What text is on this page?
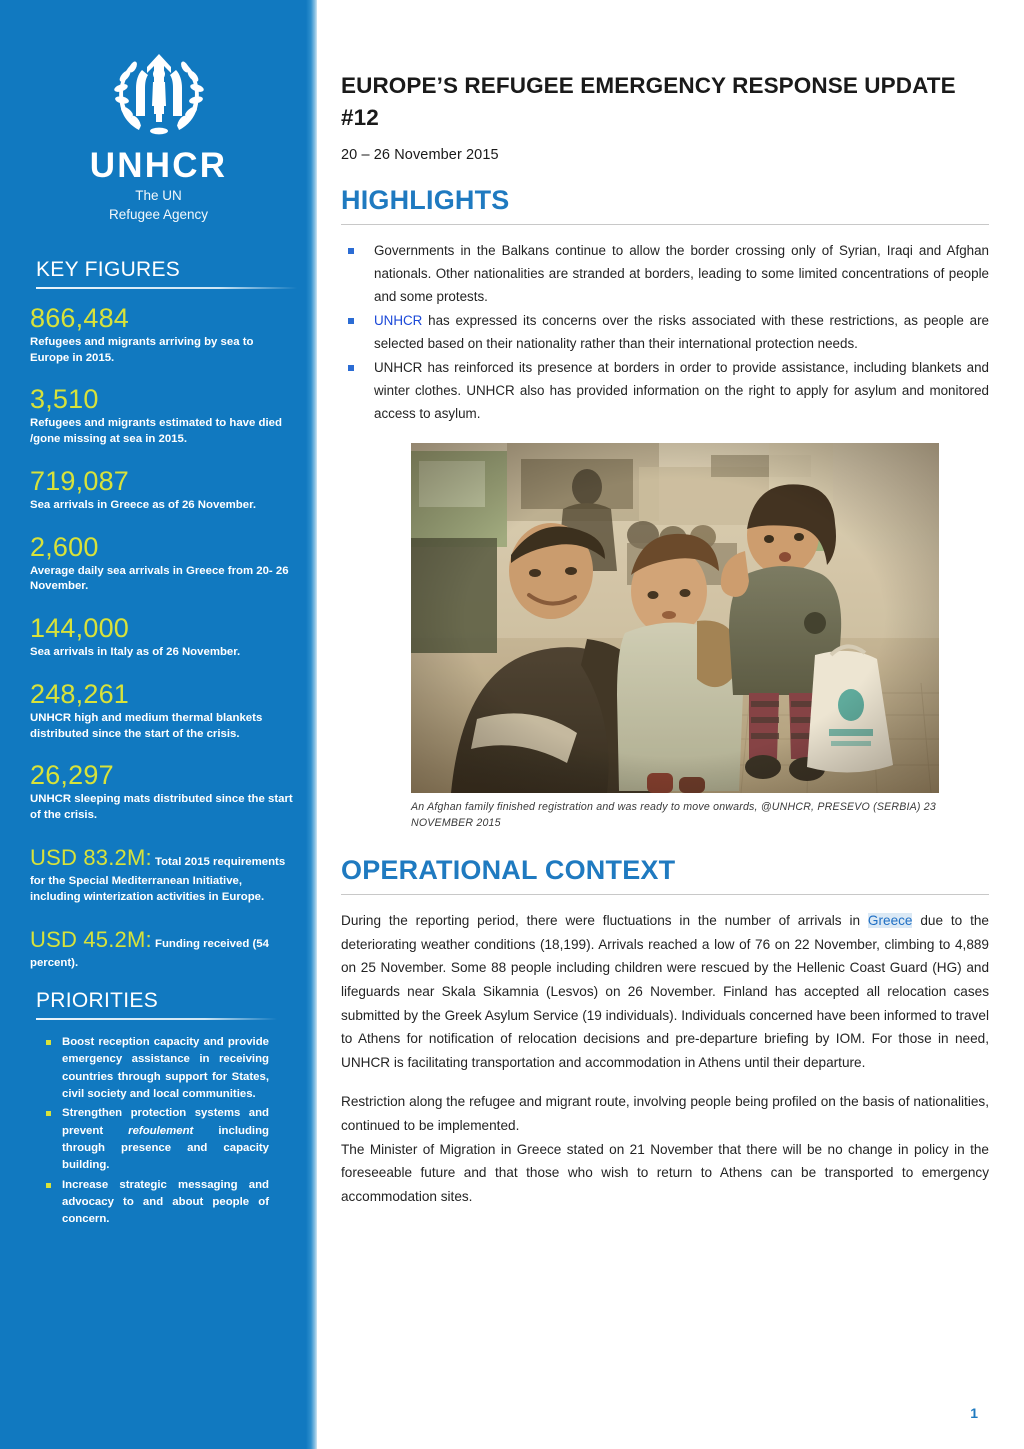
UNHCR
The UN
Refugee Agency
KEY FIGURES
866,484
Refugees and migrants arriving by sea to Europe in 2015.
3,510
Refugees and migrants estimated to have died /gone missing at sea in 2015.
719,087
Sea arrivals in Greece as of 26 November.
2,600
Average daily sea arrivals in Greece from 20- 26 November.
144,000
Sea arrivals in Italy as of 26 November.
248,261
UNHCR high and medium thermal blankets distributed since the start of the crisis.
26,297
UNHCR sleeping mats distributed since the start of the crisis.
USD 83.2M: Total 2015 requirements for the Special Mediterranean Initiative, including winterization activities in Europe.
USD 45.2M: Funding received (54 percent).
PRIORITIES
Boost reception capacity and provide emergency assistance in receiving countries through support for States, civil society and local communities.
Strengthen protection systems and prevent refoulement including through presence and capacity building.
Increase strategic messaging and advocacy to and about people of concern.
EUROPE’S REFUGEE EMERGENCY RESPONSE UPDATE #12
20 – 26 November 2015
HIGHLIGHTS
Governments in the Balkans continue to allow the border crossing only of Syrian, Iraqi and Afghan nationals. Other nationalities are stranded at borders, leading to some limited concentrations of people and some protests.
UNHCR has expressed its concerns over the risks associated with these restrictions, as people are selected based on their nationality rather than their international protection needs.
UNHCR has reinforced its presence at borders in order to provide assistance, including blankets and winter clothes. UNHCR also has provided information on the right to apply for asylum and monitored access to asylum.
An Afghan family finished registration and was ready to move onwards, @UNHCR, PRESEVO (SERBIA) 23 NOVEMBER 2015
OPERATIONAL CONTEXT

During the reporting period, there were fluctuations in the number of arrivals in Greece due to the deteriorating weather conditions (18,199). Arrivals reached a low of 76 on 22 November, climbing to 4,889 on 25 November. Some 88 people including children were rescued by the Hellenic Coast Guard (HG) and lifeguards near Skala Sikamnia (Lesvos) on 26 November. Finland has accepted all relocation cases submitted by the Greek Asylum Service (19 individuals). Individuals concerned have been informed to travel to Athens for notification of relocation decisions and pre-departure briefing by IOM. For those in need, UNHCR is facilitating transportation and accommodation in Athens until their departure.

Restriction along the refugee and migrant route, involving people being profiled on the basis of nationalities, continued to be implemented.

The Minister of Migration in Greece stated on 21 November that there will be no change in policy in the foreseeable future and that those who wish to return to Athens can be transported to emergency accommodation sites.

1
